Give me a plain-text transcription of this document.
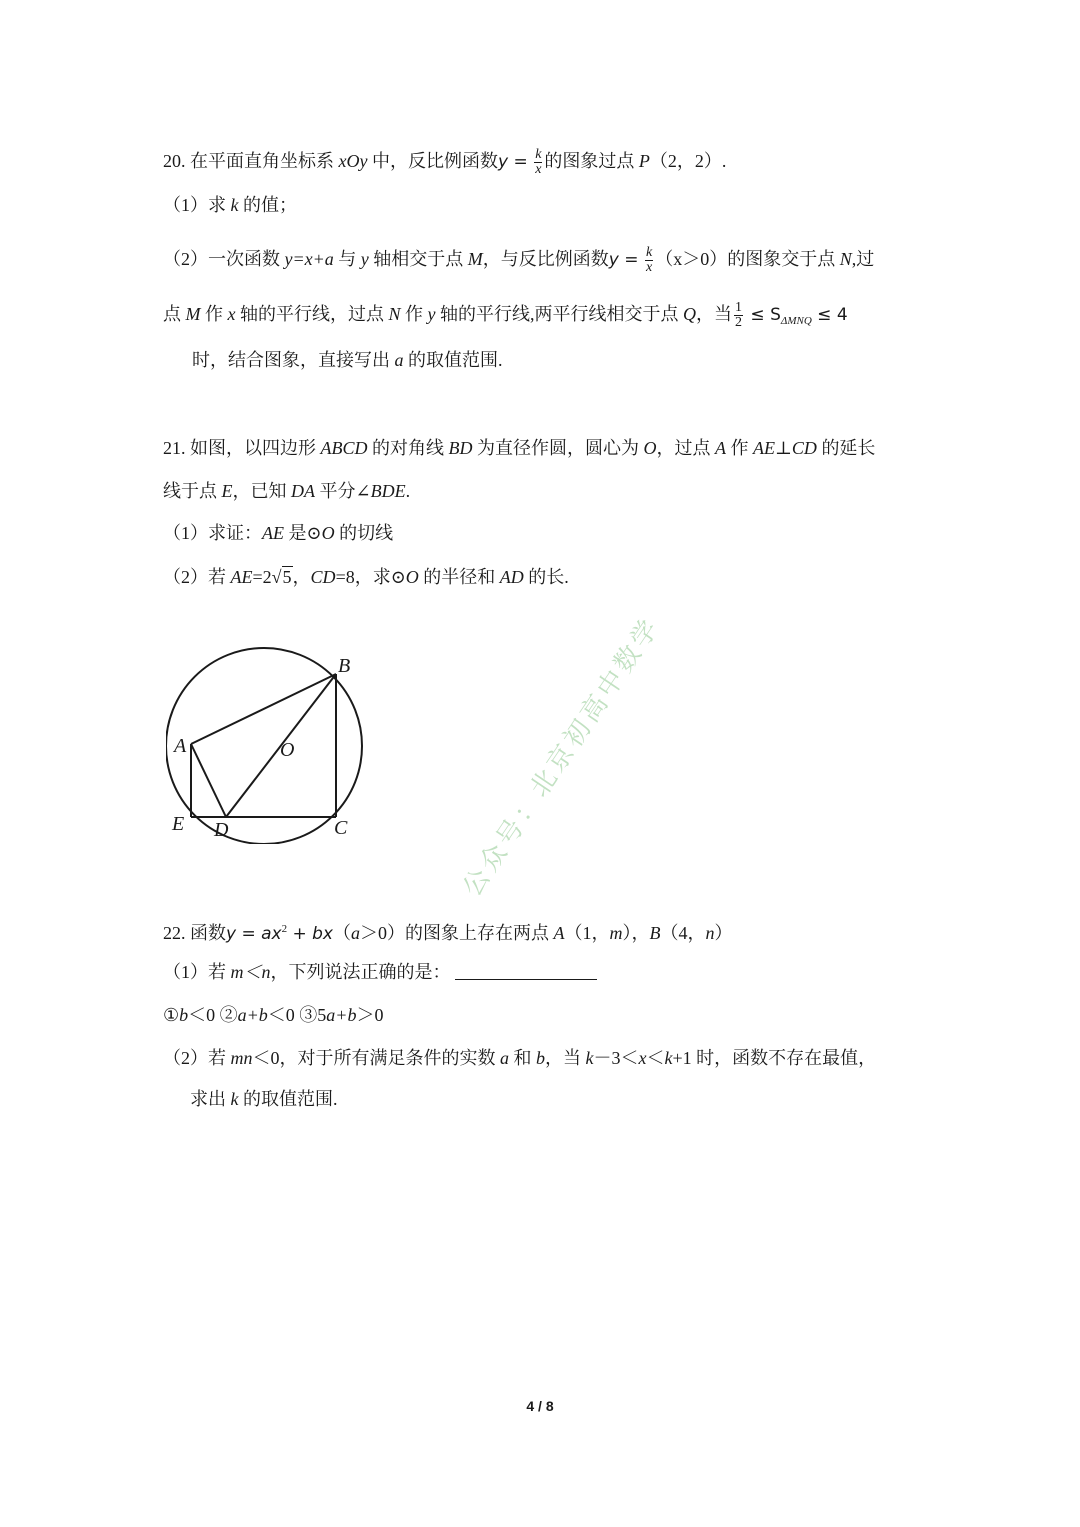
20. 在平面直角坐标系 xOy 中，反比例函数$y = \frac{k}{x}$ 的图象过点 P（2，2）.
（1）求 k 的值；
（2）一次函数 y=x+a 与 y 轴相交于点 M，与反比例函数$y = \frac{k}{x} (x>0)$的图象交于点 N,过
点 M 作 x 轴的平行线，过点 N 作 y 轴的平行线,两平行线相交于点 Q，当 $\frac{1}{2} \le S_{\Delta MNQ} \le 4$
时，结合图象，直接写出 a 的取值范围.
21. 如图，以四边形 ABCD 的对角线 BD 为直径作圆，圆心为 O，过点 A 作 AE⊥CD 的延长
线于点 E，已知 DA 平分∠BDE.
（1）求证：AE 是⊙O 的切线
（2）若 AE=2√5，CD=8，求⊙O 的半径和 AD 的长.
A
B
C
D
E
O	公众号：北京初高中数学
22. 函数$y = ax^2 + bx(a>0)$的图象上存在两点 A（1，m），B（4，n）
（1）若 m＜n，下列说法正确的是：
①b＜0 ②a+b＜0 ③5a+b＞0
（2）若 mn＜0，对于所有满足条件的实数 a 和 b，当 k－3＜x＜k+1 时，函数不存在最值，
求出 k 的取值范围.
4 / 8
